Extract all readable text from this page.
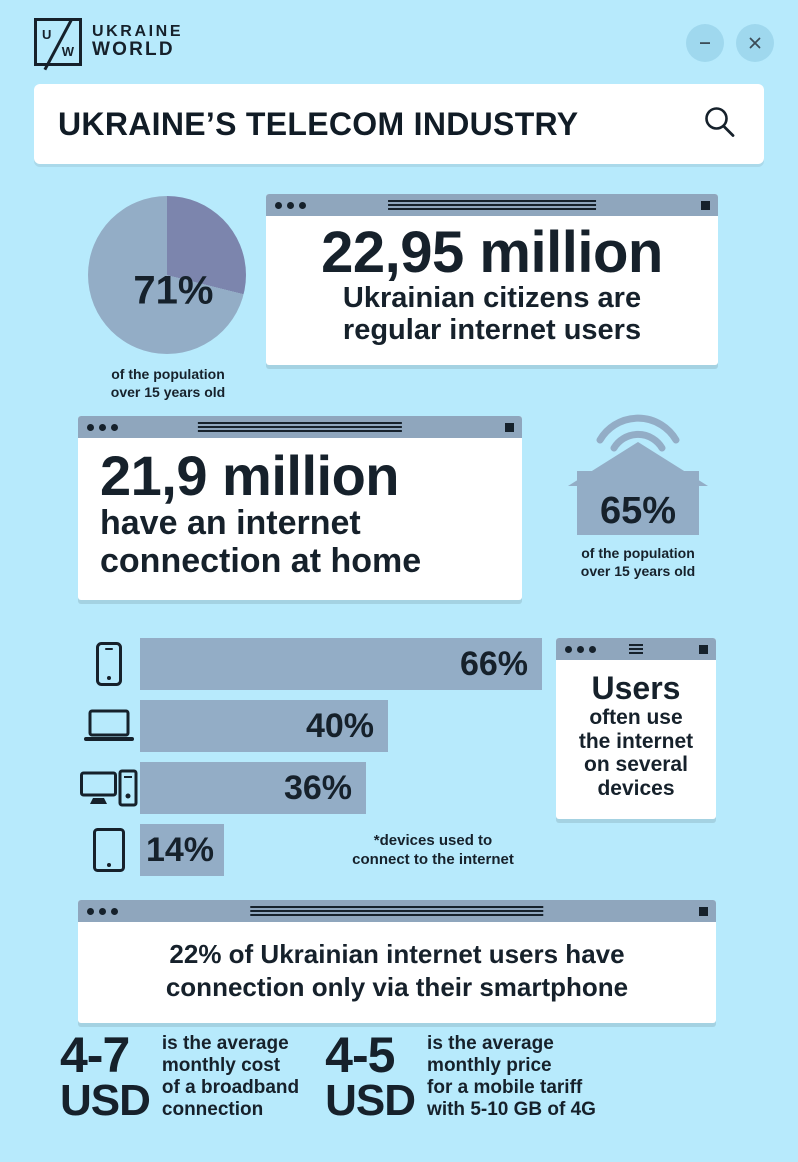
U
W
UKRAINE
WORLD
UKRAINE’S TELECOM INDUSTRY
71%
of the population
over 15 years old
22,95 million
Ukrainian citizens are
regular internet users
21,9 million
have an internet
connection at home
65%
of the population
over 15 years old
66%
40%
36%
14%	*devices used to
connect to the internet
Users
often use
the internet
on several
devices
22% of Ukrainian internet users have
connection only via their smartphone
4-7
USD
is the average
monthly cost
of a broadband
connection
4-5
USD
is the average
monthly price
for a mobile tariff
with 5-10 GB of 4G
